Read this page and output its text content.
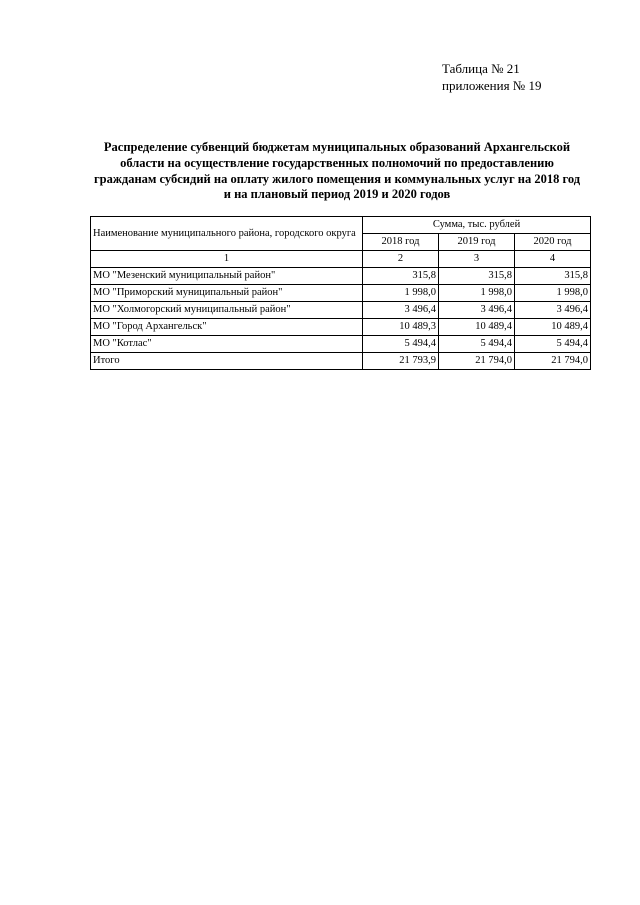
Таблица № 21
приложения № 19
Распределение субвенций бюджетам муниципальных образований Архангельской
области на осуществление государственных полномочий по предоставлению
гражданам субсидий на оплату жилого помещения и коммунальных услуг на 2018 год
и на плановый период 2019 и 2020 годов
Наименование муниципального района, городского округа	Сумма, тыс. рублей		
	2018 год	2019 год	2020 год
1	2	3	4
МО "Мезенский муниципальный район"	315,8	315,8	315,8
МО "Приморский муниципальный район"	1 998,0	1 998,0	1 998,0
МО "Холмогорский муниципальный район"	3 496,4	3 496,4	3 496,4
МО "Город Архангельск"	10 489,3	10 489,4	10 489,4
МО "Котлас"	5 494,4	5 494,4	5 494,4
Итого	21 793,9	21 794,0	21 794,0
